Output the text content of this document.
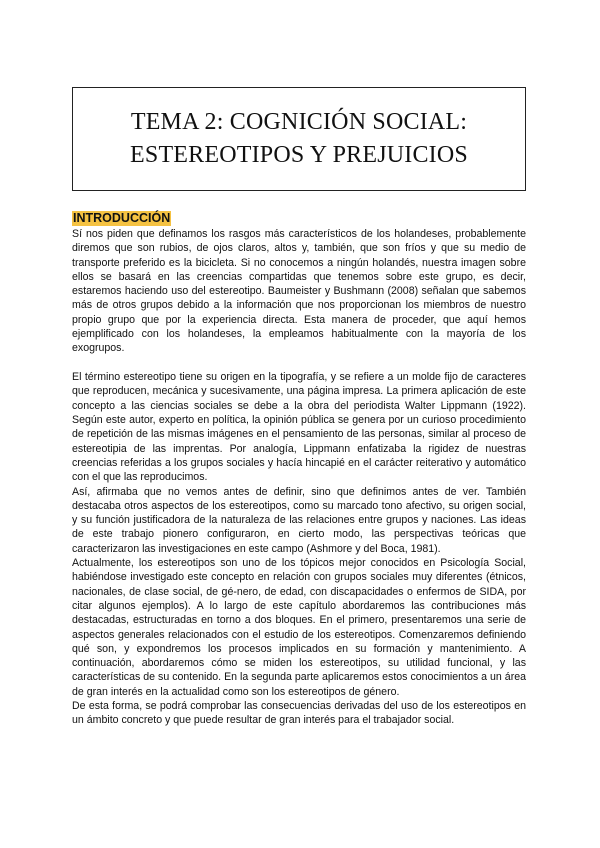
TEMA 2: COGNICIÓN SOCIAL:
ESTEREOTIPOS Y PREJUICIOS
INTRODUCCIÓN

Sí nos piden que definamos los rasgos más característicos de los holandeses, probablemente diremos que son rubios, de ojos claros, altos y, también, que son fríos y que su medio de transporte preferido es la bicicleta. Si no conocemos a ningún holandés, nuestra imagen sobre ellos se basará en las creencias compartidas que tenemos sobre este grupo, es decir, estaremos haciendo uso del estereotipo. Baumeister y Bushmann (2008) señalan que sabemos más de otros grupos debido a la información que nos proporcionan los miembros de nuestro propio grupo que por la experiencia directa. Esta manera de proceder, que aquí hemos ejemplificado con los holandeses, la empleamos habitualmente con la mayoría de los exogrupos.

El término estereotipo tiene su origen en la tipografía, y se refiere a un molde fijo de caracteres que reproducen, mecánica y sucesivamente, una página impresa. La primera aplicación de este concepto a las ciencias sociales se debe a la obra del periodista Walter Lippmann (1922). Según este autor, experto en política, la opinión pública se genera por un curioso procedimiento de repetición de las mismas imágenes en el pensamiento de las personas, similar al proceso de estereotipia de las imprentas. Por analogía, Lippmann enfatizaba la rigidez de nuestras creencias referidas a los grupos sociales y hacía hincapié en el carácter reiterativo y automático con el que las reproducimos.

Así, afirmaba que no vemos antes de definir, sino que definimos antes de ver. También destacaba otros aspectos de los estereotipos, como su marcado tono afectivo, su origen social, y su función justificadora de la naturaleza de las relaciones entre grupos y naciones. Las ideas de este trabajo pionero configuraron, en cierto modo, las perspectivas teóricas que caracterizaron las investigaciones en este campo (Ashmore y del Boca, 1981).

Actualmente, los estereotipos son uno de los tópicos mejor conocidos en Psicología Social, habiéndose investigado este concepto en relación con grupos sociales muy diferentes (étnicos, nacionales, de clase social, de gé-nero, de edad, con discapacidades o enfermos de SIDA, por citar algunos ejemplos). A lo largo de este capítulo abordaremos las contribuciones más destacadas, estructuradas en torno a dos bloques. En el primero, presentaremos una serie de aspectos generales relacionados con el estudio de los estereotipos. Comenzaremos definiendo qué son, y expondremos los procesos implicados en su formación y mantenimiento. A continuación, abordaremos cómo se miden los estereotipos, su utilidad funcional, y las características de su contenido. En la segunda parte aplicaremos estos conocimientos a un área de gran interés en la actualidad como son los estereotipos de género.

De esta forma, se podrá comprobar las consecuencias derivadas del uso de los estereotipos en un ámbito concreto y que puede resultar de gran interés para el trabajador social.
